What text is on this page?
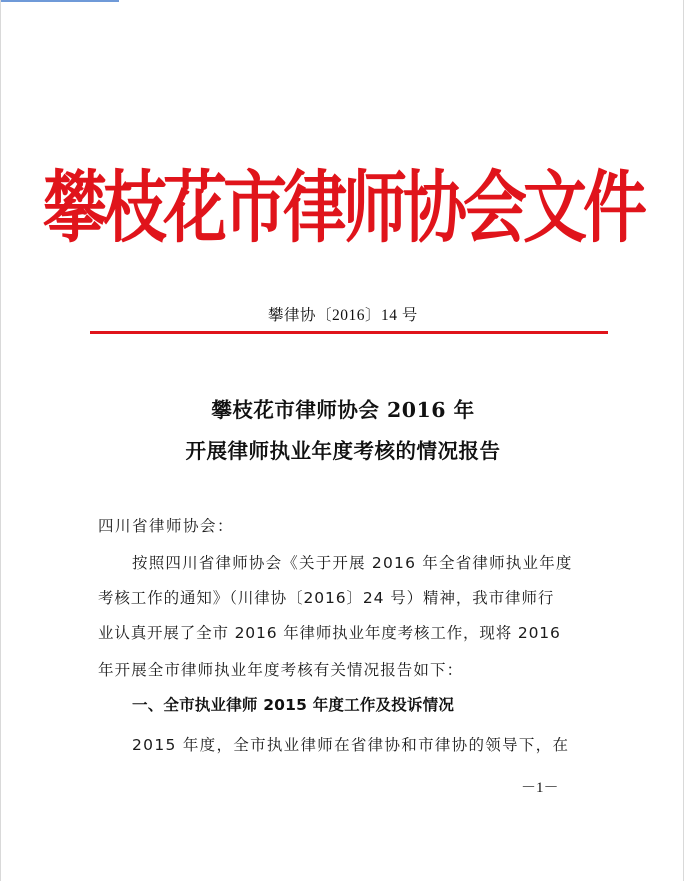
攀枝花市律师协会文件
攀律协〔2016〕14 号
攀枝花市律师协会 2016 年
开展律师执业年度考核的情况报告
四川省律师协会：
按照四川省律师协会《关于开展 2016 年全省律师执业年度
考核工作的通知》（川律协〔2016〕24 号）精神，我市律师行
业认真开展了全市 2016 年律师执业年度考核工作，现将 2016
年开展全市律师执业年度考核有关情况报告如下：
一、全市执业律师 2015 年度工作及投诉情况
2015 年度，全市执业律师在省律协和市律协的领导下，在
－1－
